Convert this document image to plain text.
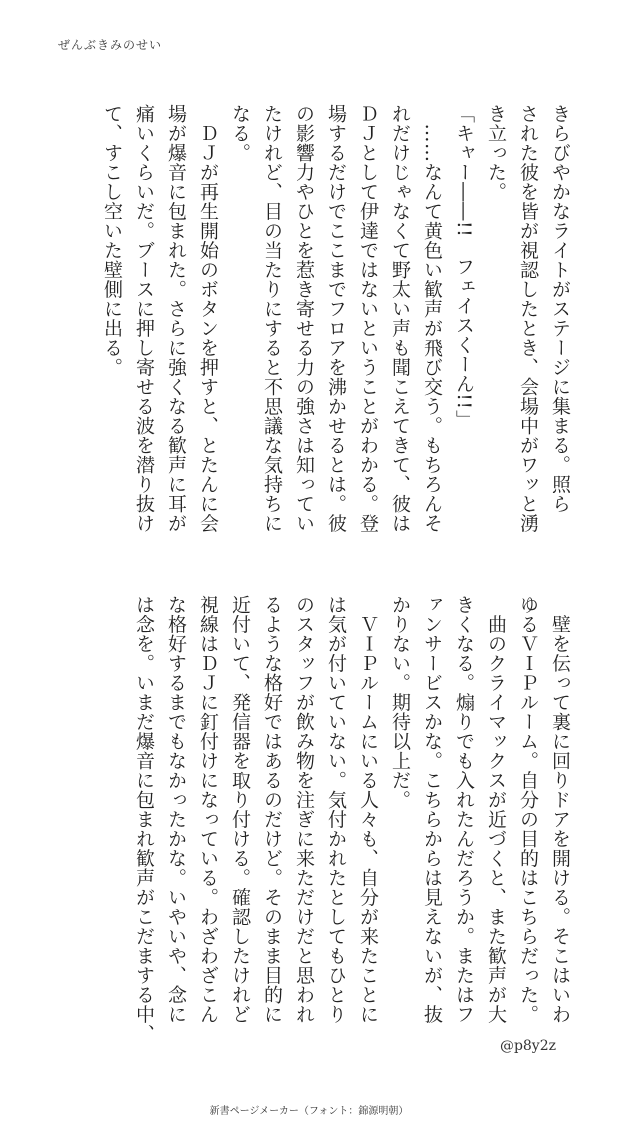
ぜんぶきみのせい

きらびやかなライトがステージに集まる。照ら

された彼を皆が視認したとき、会場中がワッと湧

き立った。

「キャー――!!　フェイスくーん!!」

　……なんて黄色い歓声が飛び交う。もちろんそ

れだけじゃなくて野太い声も聞こえてきて、彼は

ＤＪとして伊達ではないということがわかる。登

場するだけでここまでフロアを沸かせるとは。彼

の影響力やひとを惹き寄せる力の強さは知ってい

たけれど、目の当たりにすると不思議な気持ちに

なる。

　ＤＪが再生開始のボタンを押すと、とたんに会

場が爆音に包まれた。さらに強くなる歓声に耳が

痛いくらいだ。ブースに押し寄せる波を潜り抜け

て、すこし空いた壁側に出る。

　壁を伝って裏に回りドアを開ける。そこはいわ

ゆるＶＩＰルーム。自分の目的はこちらだった。

　曲のクライマックスが近づくと、また歓声が大

きくなる。煽りでも入れたんだろうか。またはフ

ァンサービスかな。こちらからは見えないが、抜

かりない。期待以上だ。

　ＶＩＰルームにいる人々も、自分が来たことに

は気が付いていない。気付かれたとしてもひとり

のスタッフが飲み物を注ぎに来ただけだと思われ

るような格好ではあるのだけど。そのまま目的に

近付いて、発信器を取り付ける。確認したけれど

視線はＤＪに釘付けになっている。わざわざこん

な格好するまでもなかったかな。いやいや、念に

は念を。いまだ爆音に包まれ歓声がこだまする中、

@p8y2z
新書ページメーカー（フォント：錦源明朝）
